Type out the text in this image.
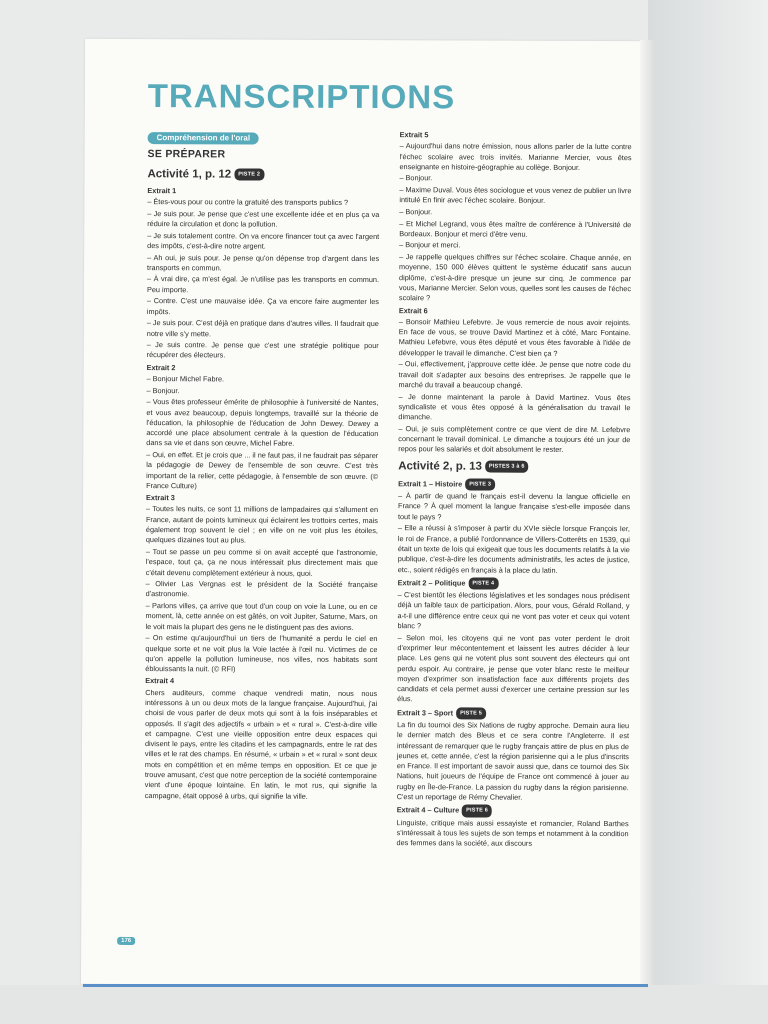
TRANSCRIPTIONS
Compréhension de l'oral
SE PRÉPARER
Activité 1, p. 12 PISTE 2

Extrait 1

– Êtes-vous pour ou contre la gratuité des transports publics ?

– Je suis pour. Je pense que c'est une excellente idée et en plus ça va réduire la circulation et donc la pollution.

– Je suis totalement contre. On va encore financer tout ça avec l'argent des impôts, c'est-à-dire notre argent.

– Ah oui, je suis pour. Je pense qu'on dépense trop d'argent dans les transports en commun.

– À vrai dire, ça m'est égal. Je n'utilise pas les transports en commun. Peu importe.

– Contre. C'est une mauvaise idée. Ça va encore faire augmenter les impôts.

– Je suis pour. C'est déjà en pratique dans d'autres villes. Il faudrait que notre ville s'y mette.

– Je suis contre. Je pense que c'est une stratégie politique pour récupérer des électeurs.

Extrait 2

– Bonjour Michel Fabre.

– Bonjour.

– Vous êtes professeur émérite de philosophie à l'université de Nantes, et vous avez beaucoup, depuis longtemps, travaillé sur la théorie de l'éducation, la philosophie de l'éducation de John Dewey. Dewey a accordé une place absolument centrale à la question de l'éducation dans sa vie et dans son œuvre, Michel Fabre.

– Oui, en effet. Et je crois que ... il ne faut pas, il ne faudrait pas séparer la pédagogie de Dewey de l'ensemble de son œuvre. C'est très important de la relier, cette pédagogie, à l'ensemble de son œuvre. (© France Culture)

Extrait 3

– Toutes les nuits, ce sont 11 millions de lampadaires qui s'allument en France, autant de points lumineux qui éclairent les trottoirs certes, mais également trop souvent le ciel ; en ville on ne voit plus les étoiles, quelques dizaines tout au plus.

– Tout se passe un peu comme si on avait accepté que l'astronomie, l'espace, tout ça, ça ne nous intéressait plus directement mais que c'était devenu complètement extérieur à nous, quoi.

– Olivier Las Vergnas est le président de la Société française d'astronomie.

– Parlons villes, ça arrive que tout d'un coup on voie la Lune, ou en ce moment, là, cette année on est gâtés, on voit Jupiter, Saturne, Mars, on le voit mais la plupart des gens ne le distinguent pas des avions.

– On estime qu'aujourd'hui un tiers de l'humanité a perdu le ciel en quelque sorte et ne voit plus la Voie lactée à l'œil nu. Victimes de ce qu'on appelle la pollution lumineuse, nos villes, nos habitats sont éblouissants la nuit. (© RFI)

Extrait 4

Chers auditeurs, comme chaque vendredi matin, nous nous intéressons à un ou deux mots de la langue française. Aujourd'hui, j'ai choisi de vous parler de deux mots qui sont à la fois inséparables et opposés. Il s'agit des adjectifs « urbain » et « rural ». C'est-à-dire ville et campagne. C'est une vieille opposition entre deux espaces qui divisent le pays, entre les citadins et les campagnards, entre le rat des villes et le rat des champs. En résumé, « urbain » et « rural » sont deux mots en compétition et en même temps en opposition. Et ce que je trouve amusant, c'est que notre perception de la société contemporaine vient d'une époque lointaine. En latin, le mot rus, qui signifie la campagne, était opposé à urbs, qui signifie la ville.

Extrait 5

– Aujourd'hui dans notre émission, nous allons parler de la lutte contre l'échec scolaire avec trois invités. Marianne Mercier, vous êtes enseignante en histoire-géographie au collège. Bonjour.

– Bonjour.

– Maxime Duval. Vous êtes sociologue et vous venez de publier un livre intitulé En finir avec l'échec scolaire. Bonjour.

– Bonjour.

– Et Michel Legrand, vous êtes maître de conférence à l'Université de Bordeaux. Bonjour et merci d'être venu.

– Bonjour et merci.

– Je rappelle quelques chiffres sur l'échec scolaire. Chaque année, en moyenne, 150 000 élèves quittent le système éducatif sans aucun diplôme, c'est-à-dire presque un jeune sur cinq. Je commence par vous, Marianne Mercier. Selon vous, quelles sont les causes de l'échec scolaire ?

Extrait 6

– Bonsoir Mathieu Lefebvre. Je vous remercie de nous avoir rejoints. En face de vous, se trouve David Martinez et à côté, Marc Fontaine. Mathieu Lefebvre, vous êtes député et vous êtes favorable à l'idée de développer le travail le dimanche. C'est bien ça ?

– Oui, effectivement, j'approuve cette idée. Je pense que notre code du travail doit s'adapter aux besoins des entreprises. Je rappelle que le marché du travail a beaucoup changé.

– Je donne maintenant la parole à David Martinez. Vous êtes syndicaliste et vous êtes opposé à la généralisation du travail le dimanche.

– Oui, je suis complètement contre ce que vient de dire M. Lefebvre concernant le travail dominical. Le dimanche a toujours été un jour de repos pour les salariés et doit absolument le rester.

Activité 2, p. 13 PISTES 3 à 6

Extrait 1 – Histoire PISTE 3

– À partir de quand le français est-il devenu la langue officielle en France ? À quel moment la langue française s'est-elle imposée dans tout le pays ?

– Elle a réussi à s'imposer à partir du XVIe siècle lorsque François Ier, le roi de France, a publié l'ordonnance de Villers-Cotterêts en 1539, qui était un texte de lois qui exigeait que tous les documents relatifs à la vie publique, c'est-à-dire les documents administratifs, les actes de justice, etc., soient rédigés en français à la place du latin.

Extrait 2 – Politique PISTE 4

– C'est bientôt les élections législatives et les sondages nous prédisent déjà un faible taux de participation. Alors, pour vous, Gérald Rolland, y a-t-il une différence entre ceux qui ne vont pas voter et ceux qui votent blanc ?

– Selon moi, les citoyens qui ne vont pas voter perdent le droit d'exprimer leur mécontentement et laissent les autres décider à leur place. Les gens qui ne votent plus sont souvent des électeurs qui ont perdu espoir. Au contraire, je pense que voter blanc reste le meilleur moyen d'exprimer son insatisfaction face aux différents projets des candidats et cela permet aussi d'exercer une certaine pression sur les élus.

Extrait 3 – Sport PISTE 5

La fin du tournoi des Six Nations de rugby approche. Demain aura lieu le dernier match des Bleus et ce sera contre l'Angleterre. Il est intéressant de remarquer que le rugby français attire de plus en plus de jeunes et, cette année, c'est la région parisienne qui a le plus d'inscrits en France. Il est important de savoir aussi que, dans ce tournoi des Six Nations, huit joueurs de l'équipe de France ont commencé à jouer au rugby en Île-de-France. La passion du rugby dans la région parisienne. C'est un reportage de Rémy Chevalier.

Extrait 4 – Culture PISTE 6

Linguiste, critique mais aussi essayiste et romancier, Roland Barthes s'intéressait à tous les sujets de son temps et notamment à la condition des femmes dans la société, aux discours

176
